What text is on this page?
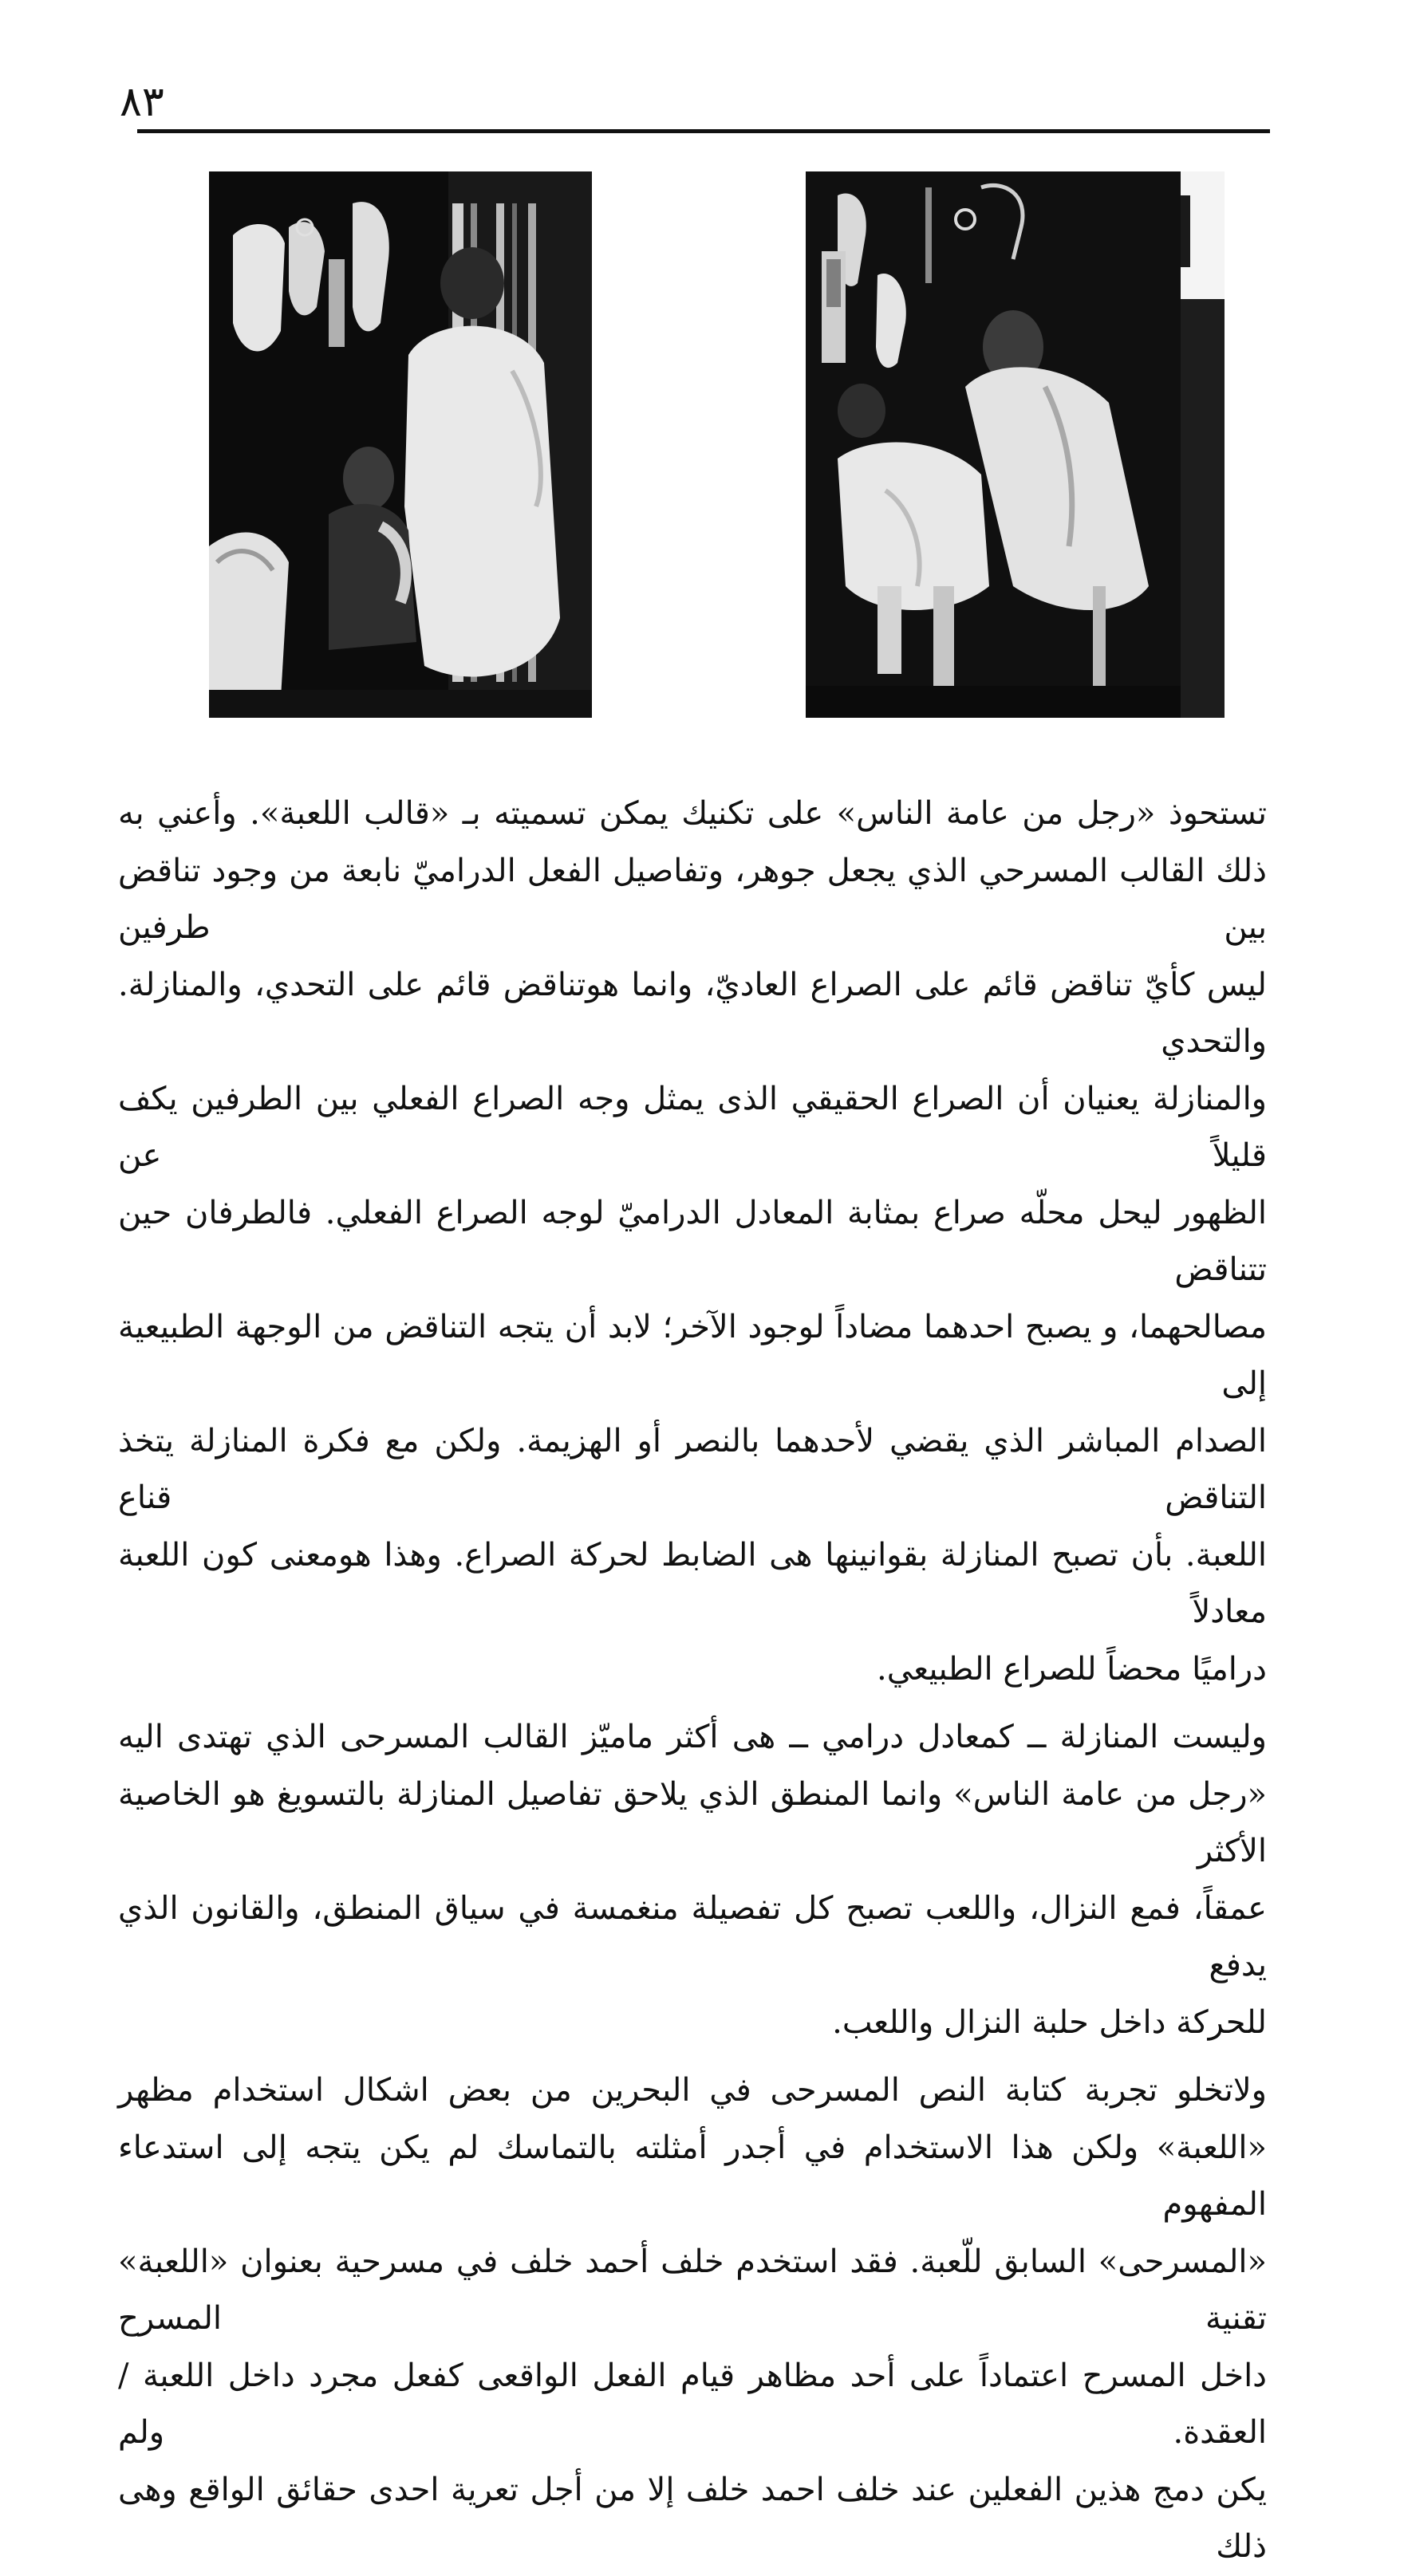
٨٣

تستحوذ «رجل من عامة الناس» على تكنيك يمكن تسميته بـ «قالب اللعبة». وأعني به
ذلك القالب المسرحي الذي يجعل جوهر، وتفاصيل الفعل الدراميّ نابعة من وجود تناقض بين طرفين
ليس كأيّ تناقض قائم على الصراع العاديّ، وانما هوتناقض قائم على التحدي، والمنازلة. والتحدي
والمنازلة يعنيان أن الصراع الحقيقي الذى يمثل وجه الصراع الفعلي بين الطرفين يكف قليلاً عن
الظهور ليحل محلّه صراع بمثابة المعادل الدراميّ لوجه الصراع الفعلي. فالطرفان حين تتناقض
مصالحهما، و يصبح احدهما مضاداً لوجود الآخر؛ لابد أن يتجه التناقض من الوجهة الطبيعية إلى
الصدام المباشر الذي يقضي لأحدهما بالنصر أو الهزيمة. ولكن مع فكرة المنازلة يتخذ التناقض قناع
اللعبة. بأن تصبح المنازلة بقوانينها هى الضابط لحركة الصراع. وهذا هومعنى كون اللعبة معادلاً
دراميًا محضاً للصراع الطبيعي.

وليست المنازلة ــ كمعادل درامي ــ هى أكثر ماميّز القالب المسرحى الذي تهتدى اليه
«رجل من عامة الناس» وانما المنطق الذي يلاحق تفاصيل المنازلة بالتسويغ هو الخاصية الأكثر
عمقاً، فمع النزال، واللعب تصبح كل تفصيلة منغمسة في سياق المنطق، والقانون الذي يدفع
للحركة داخل حلبة النزال واللعب.

ولاتخلو تجربة كتابة النص المسرحى في البحرين من بعض اشكال استخدام مظهر
«اللعبة» ولكن هذا الاستخدام في أجدر أمثلته بالتماسك لم يكن يتجه إلى استدعاء المفهوم
«المسرحى» السابق للّعبة. فقد استخدم خلف أحمد خلف في مسرحية بعنوان «اللعبة» تقنية المسرح
داخل المسرح اعتماداً على أحد مظاهر قيام الفعل الواقعى كفعل مجرد داخل اللعبة / العقدة. ولم
يكن دمج هذين الفعلين عند خلف احمد خلف إلا من أجل تعرية احدى حقائق الواقع وهى ذلك
